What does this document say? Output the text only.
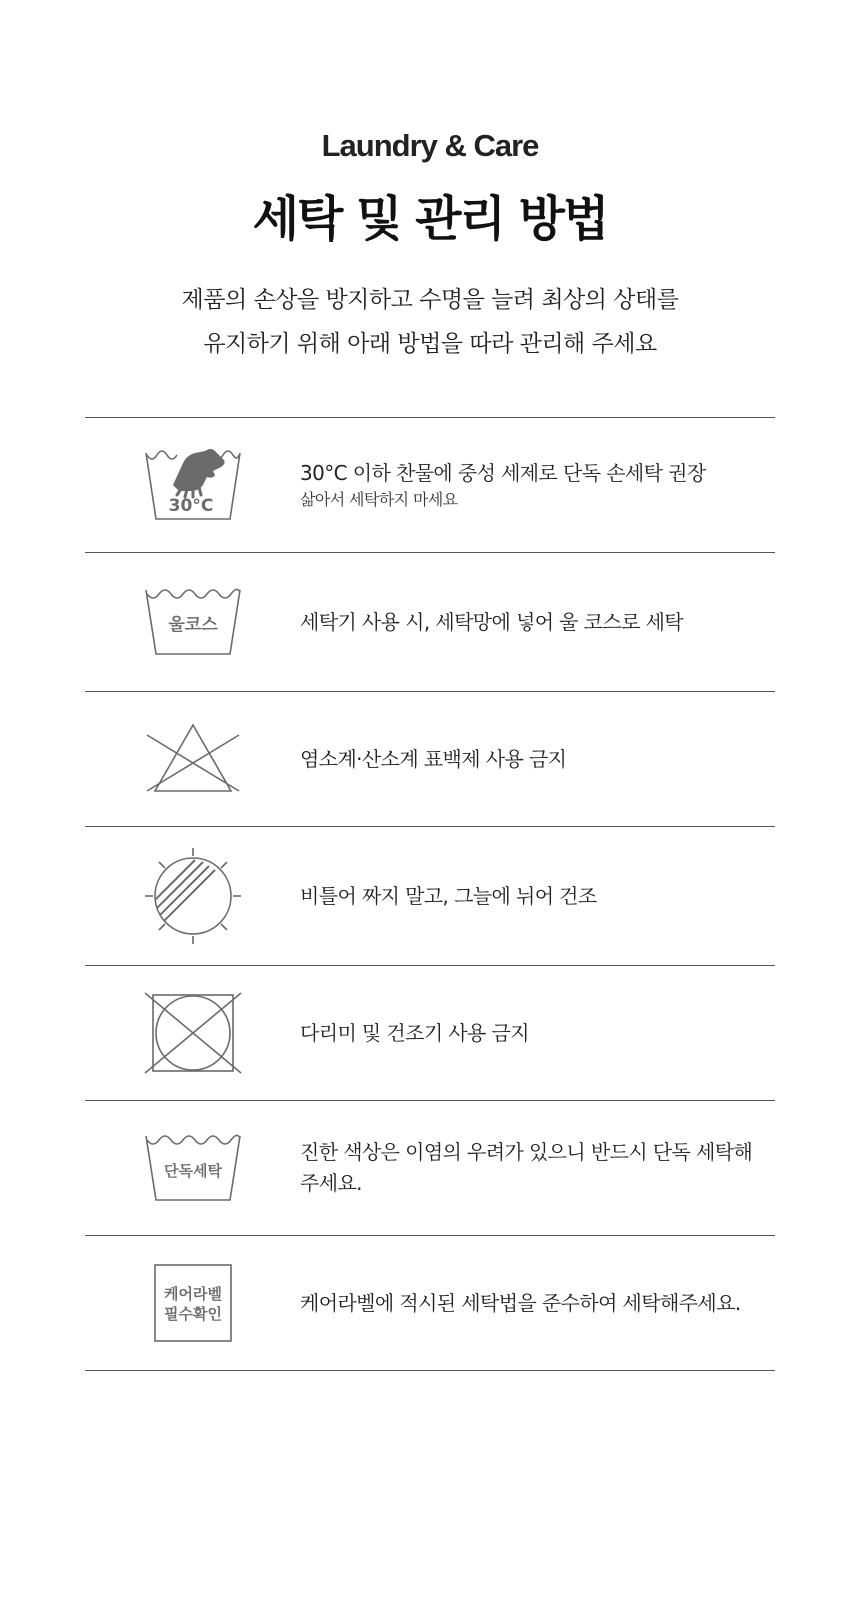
Laundry & Care
세탁 및 관리 방법
제품의 손상을 방지하고 수명을 늘려 최상의 상태를
유지하기 위해 아래 방법을 따라 관리해 주세요
30°C
30°C 이하 찬물에 중성 세제로 단독 손세탁 권장
삶아서 세탁하지 마세요
울코스	세탁기 사용 시, 세탁망에 넣어 울 코스로 세탁
염소계·산소계 표백제 사용 금지
비틀어 짜지 말고, 그늘에 뉘어 건조
다리미 및 건조기 사용 금지
단독세탁
진한 색상은 이염의 우려가 있으니 반드시 단독 세탁해 주세요.
케어라벨
필수확인	케어라벨에 적시된 세탁법을 준수하여 세탁해주세요.
